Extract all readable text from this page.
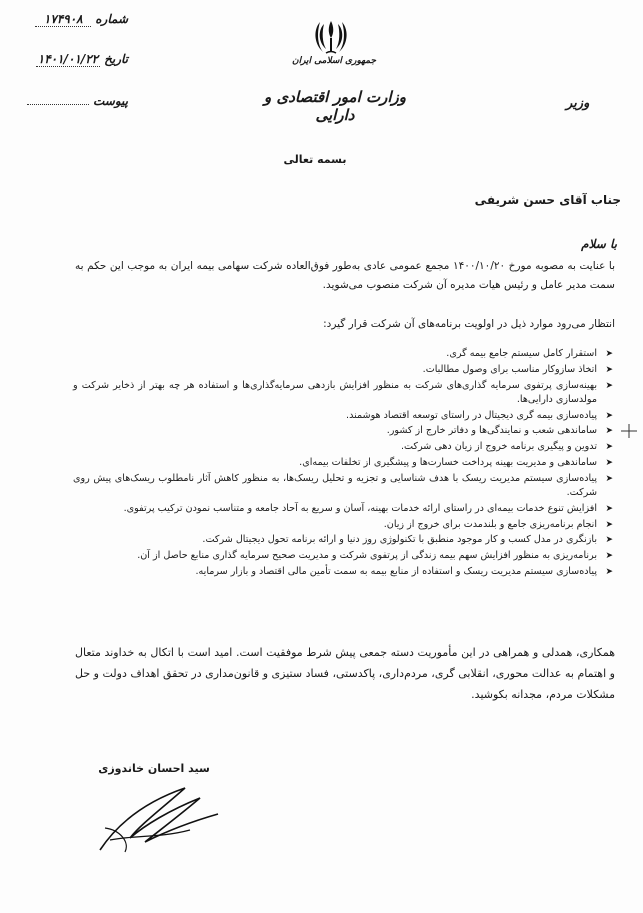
شماره
۱۷۴۹۰۸
تاریخ
۱۴۰۱/۰۱/۲۲
پیوست
جمهوری اسلامی ایران
وزارت امور اقتصادی و دارایی
وزیر
بسمه تعالی
جناب آقای حسن شریفی
با سلام
با عنایت به مصوبه مورخ ۱۴۰۰/۱۰/۲۰ مجمع عمومی عادی به‌طور فوق‌العاده شرکت سهامی بیمه ایران به موجب این حکم به سمت مدیر عامل و رئیس هیات مدیره آن شرکت منصوب می‌شوید.
انتظار می‌رود موارد ذیل در اولویت برنامه‌های آن شرکت قرار گیرد:
➤
استقرار کامل سیستم جامع بیمه گری.
➤
اتخاذ سازوکار مناسب برای وصول مطالبات.
➤
بهینه‌سازی پرتفوی سرمایه گذاری‌های شرکت به منظور افزایش بازدهی سرمایه‌گذاری‌ها و استفاده هر چه بهتر از ذخایر شرکت و مولدسازی دارایی‌ها.
➤
پیاده‌سازی بیمه گری دیجیتال در راستای توسعه اقتصاد هوشمند.
➤
ساماندهی شعب و نمایندگی‌ها و دفاتر خارج از کشور.
➤
تدوین و پیگیری برنامه خروج از زیان دهی شرکت.
➤
ساماندهی و مدیریت بهینه پرداخت خسارت‌ها و پیشگیری از تخلفات بیمه‌ای.
➤
پیاده‌سازی سیستم مدیریت ریسک با هدف شناسایی و تجزیه و تحلیل ریسک‌ها، به منظور کاهش آثار نامطلوب ریسک‌های پیش روی شرکت.
➤
افزایش تنوع خدمات بیمه‌ای در راستای ارائه خدمات بهینه، آسان و سریع به آحاد جامعه و متناسب نمودن ترکیب پرتفوی.
➤
انجام برنامه‌ریزی جامع و بلندمدت برای خروج از زیان.
➤
بازنگری در مدل کسب و کار موجود منطبق با تکنولوژی روز دنیا و ارائه برنامه تحول دیجیتال شرکت.
➤
برنامه‌ریزی به منظور افزایش سهم بیمه زندگی از پرتفوی شرکت و مدیریت صحیح سرمایه گذاری منابع حاصل از آن.
➤
پیاده‌سازی سیستم مدیریت ریسک و استفاده از منابع بیمه به سمت تأمین مالی اقتصاد و بازار سرمایه.
همکاری، همدلی و همراهی در این مأموریت دسته جمعی پیش شرط موفقیت است. امید است با اتکال به خداوند متعال و اهتمام به عدالت محوری، انقلابی گری، مردم‌داری، پاکدستی، فساد ستیزی و قانون‌مداری در تحقق اهداف دولت و حل مشکلات مردم، مجدانه بکوشید.
سید احسان خاندوزی
